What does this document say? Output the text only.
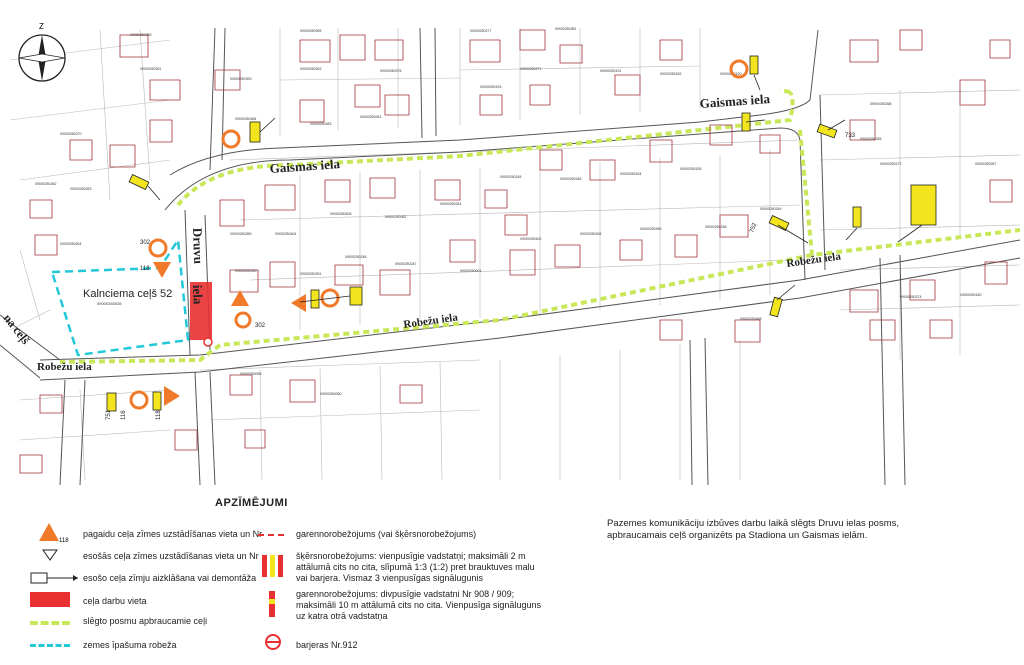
09000250389
09000250399	09000250277	09000250381
09000250391
09000250393
09000250392	09000250276
09000250193
09000250191
09000250182	09000250190
09000250484
09000250483
09000250061
09000250271
09000250270
09000250262
09000250263
09000250264
09000250265
09000250272	09000250267
09000250268
09000250269	09000250404
09000250405
09000250062
09000250244
09000250245	09000250246
09000250154
09000250155
09000250156
09000250249
09000250250
09000250251
09000250248
09000250247
09000250001
09000250402
09000250406
09000250459
09000250458
09000250274	09000250180
09000250055
09000250060
Gaismas iela
Gaismas iela
Druvu
iela
Robežu iela
Robežu iela
Robežu iela
na ceļš
Kalnciema ceļš 52
09000250028
Z
733
752
302
302
118
118
116
751
APZĪMĒJUMI
118
pagaidu ceļa zīmes uzstādīšanas vieta un Nr
esošās ceļa zīmes uzstādīšanas vieta un Nr
esošo ceļa zīmju aizklāšana vai demontāža
ceļa darbu vieta
slēgto posmu apbraucamie ceļi
zemes īpašuma robeža
garennorobežojums (vai šķērsnorobežojums)
šķērsnorobežojums: vienpusīgie vadstatņi; maksimāli 2 m attālumā cits no cita, slīpumā 1:3 (1:2) pret brauktuves malu vai barjera. Vismaz 3 vienpusīgas signālugunis
garennorobežojums: divpusīgie vadstatni Nr 908 / 909; maksimāli 10 m attālumā cits no cita. Vienpusīga signāluguns uz katra otrā vadstatņa
barjeras Nr.912
Pazemes komunikāciju izbūves darbu laikā slēgts Druvu ielas posms, apbraucamais ceļš organizēts pa Stadiona un Gaismas ielām.
